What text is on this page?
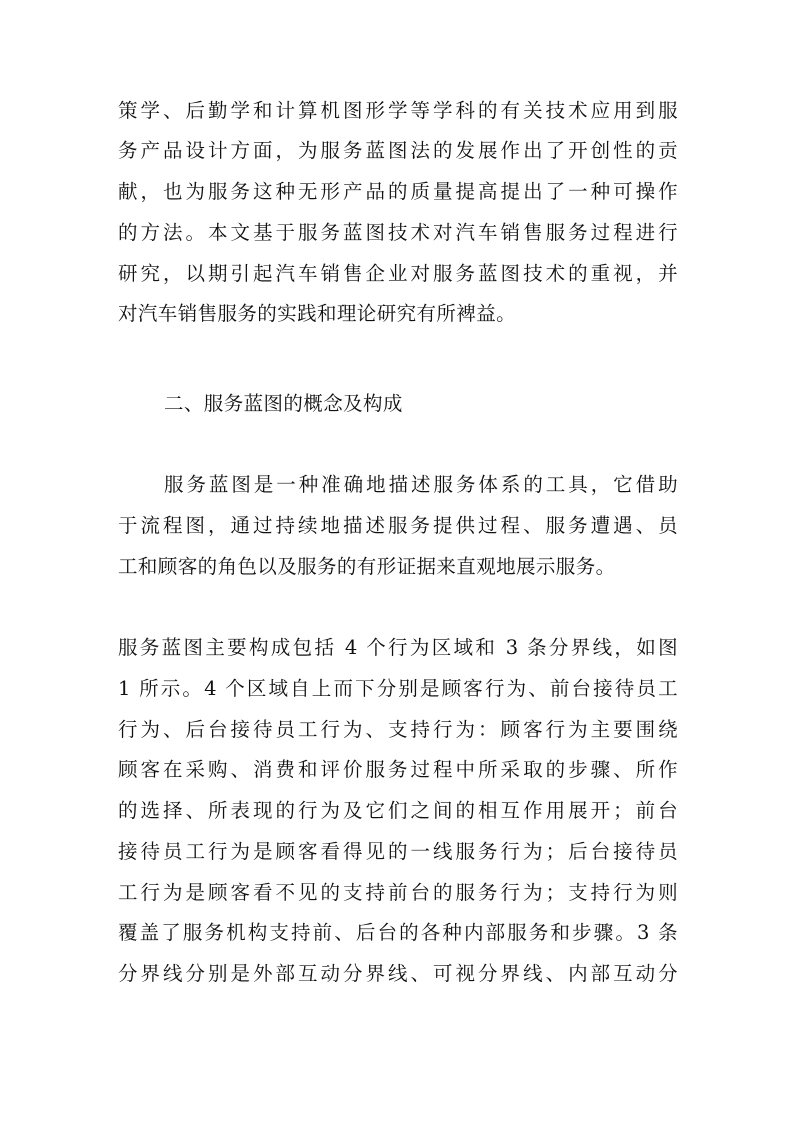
策学、后勤学和计算机图形学等学科的有关技术应用到服
务产品设计方面，为服务蓝图法的发展作出了开创性的贡
献，也为服务这种无形产品的质量提高提出了一种可操作
的方法。本文基于服务蓝图技术对汽车销售服务过程进行
研究，以期引起汽车销售企业对服务蓝图技术的重视，并
对汽车销售服务的实践和理论研究有所裨益。
二、服务蓝图的概念及构成
服务蓝图是一种准确地描述服务体系的工具，它借助
于流程图，通过持续地描述服务提供过程、服务遭遇、员
工和顾客的角色以及服务的有形证据来直观地展示服务。
服务蓝图主要构成包括 4 个行为区域和 3 条分界线，如图
1 所示。4 个区域自上而下分别是顾客行为、前台接待员工
行为、后台接待员工行为、支持行为：顾客行为主要围绕
顾客在采购、消费和评价服务过程中所采取的步骤、所作
的选择、所表现的行为及它们之间的相互作用展开；前台
接待员工行为是顾客看得见的一线服务行为；后台接待员
工行为是顾客看不见的支持前台的服务行为；支持行为则
覆盖了服务机构支持前、后台的各种内部服务和步骤。3 条
分界线分别是外部互动分界线、可视分界线、内部互动分
